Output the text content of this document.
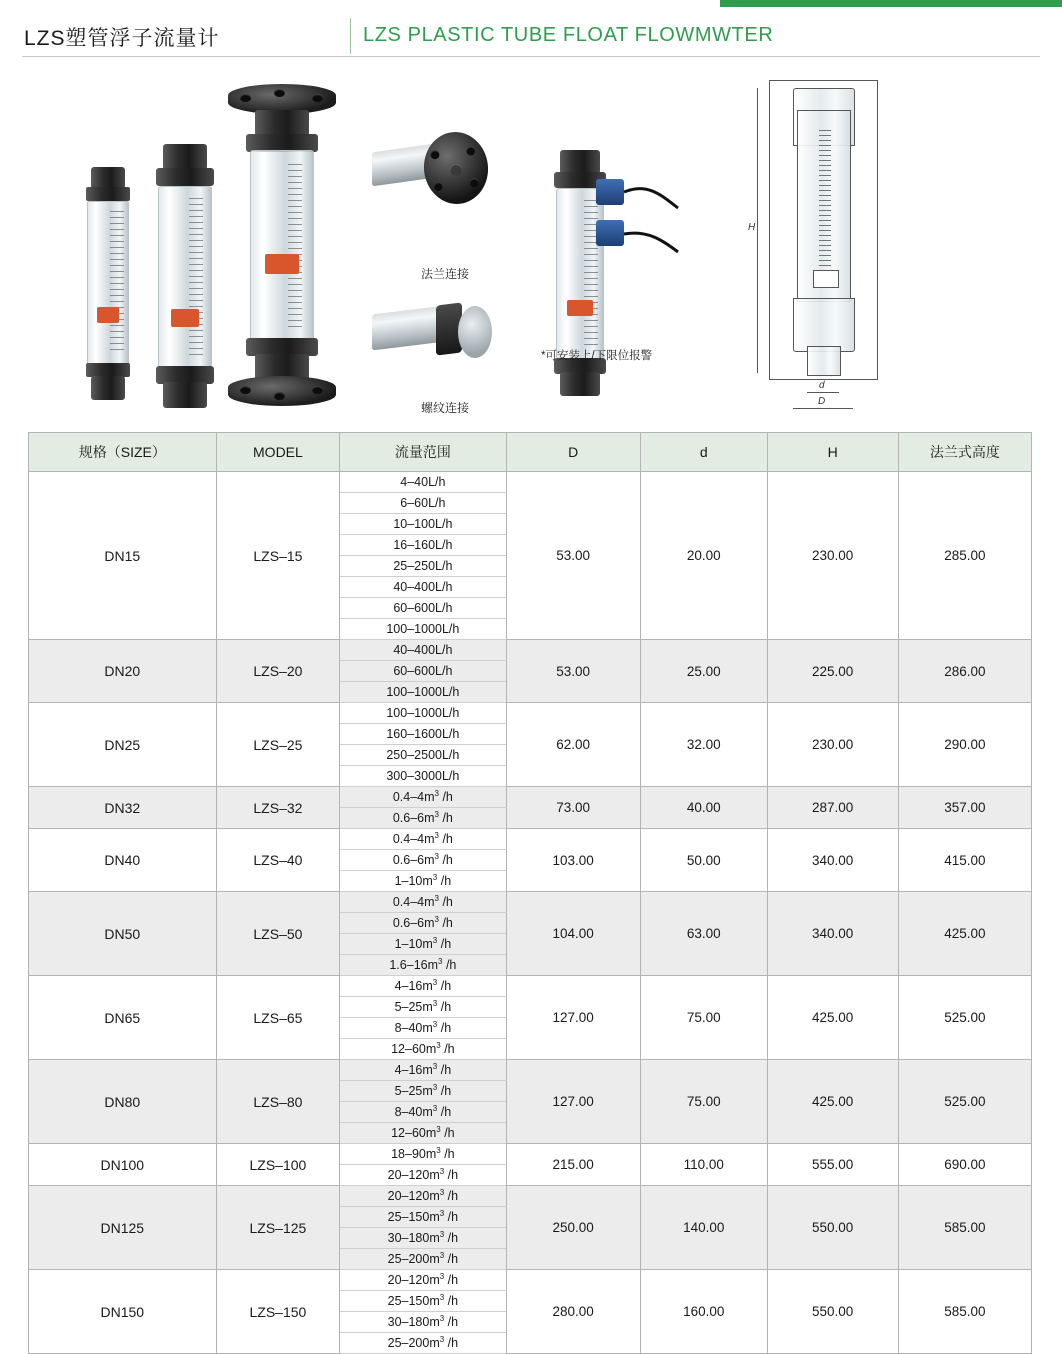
LZS塑管浮子流量计	LZS PLASTIC TUBE FLOAT FLOWMWTER
法兰连接
螺纹连接
*可安装上/下限位报警
H
d
D
规格（SIZE）	MODEL	流量范围	D	d	H	法兰式高度
DN15	LZS–15	4–40L/h	53.00	20.00	230.00	285.00
		6–60L/h				
		10–100L/h				
		16–160L/h				
		25–250L/h				
		40–400L/h				
		60–600L/h				
		100–1000L/h				
DN20	LZS–20	40–400L/h	53.00	25.00	225.00	286.00
		60–600L/h				
		100–1000L/h				
DN25	LZS–25	100–1000L/h	62.00	32.00	230.00	290.00
		160–1600L/h				
		250–2500L/h				
		300–3000L/h				
DN32	LZS–32	$0.4-4m^3$ /h	73.00	40.00	287.00	357.00
		$0.6-6m^3$ /h				
DN40	LZS–40	$0.4-4m^3$ /h	103.00	50.00	340.00	415.00
		$0.6-6m^3$ /h				
		$1-10m^3$ /h				
DN50	LZS–50	$0.4-4m^3$ /h	104.00	63.00	340.00	425.00
		$0.6-6m^3$ /h				
		$1-10m^3$ /h				
		$1.6-16m^3$ /h				
DN65	LZS–65	$4-16m^3$ /h	127.00	75.00	425.00	525.00
		$5-25m^3$ /h				
		$8-40m^3$ /h				
		$12-60m^3$ /h				
DN80	LZS–80	$4-16m^3$ /h	127.00	75.00	425.00	525.00
		$5-25m^3$ /h				
		$8-40m^3$ /h				
		$12-60m^3$ /h				
DN100	LZS–100	$18-90m^3$ /h	215.00	110.00	555.00	690.00
		$20-120m^3$ /h				
DN125	LZS–125	$20-120m^3$ /h	250.00	140.00	550.00	585.00
		$25-150m^3$ /h				
		$30-180m^3$ /h				
		$25-200m^3$ /h				
DN150	LZS–150	$20-120m^3$ /h	280.00	160.00	550.00	585.00
		$25-150m^3$ /h				
		$30-180m^3$ /h				
		$25-200m^3$ /h				
